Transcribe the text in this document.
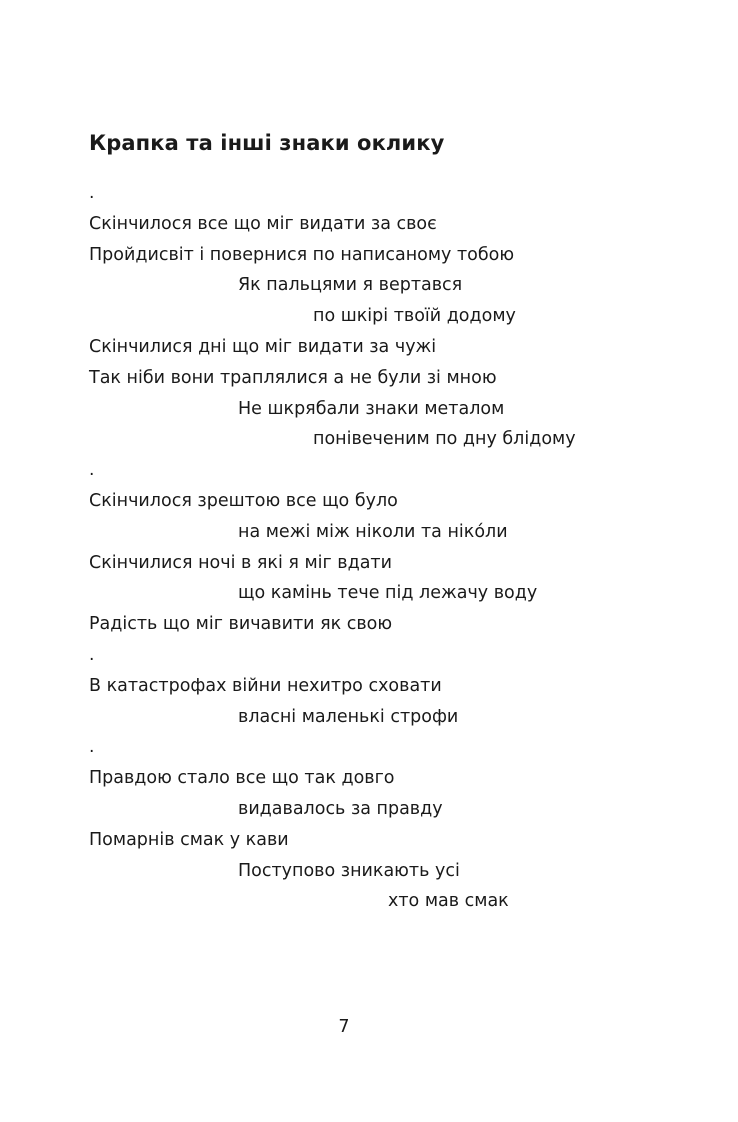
Крапка та інші знаки оклику
.
Скінчилося все що міг видати за своє
Пройдисвіт і повернися по написаному тобою
Як пальцями я вертався
по шкірі твоїй додому
Скінчилися дні що міг видати за чужі
Так ніби вони траплялися а не були зі мною
Не шкрябали знаки металом
понівеченим по дну блідому
.
Скінчилося зрештою все що було
на межі між ніколи та ніко́ли
Скінчилися ночі в які я міг вдати
що камінь тече під лежачу воду
Радість що міг вичавити як свою
.
В катастрофах війни нехитро сховати
власні маленькі строфи
.
Правдою стало все що так довго
видавалось за правду
Помарнів смак у кави
Поступово зникають усі
хто мав смак
7
